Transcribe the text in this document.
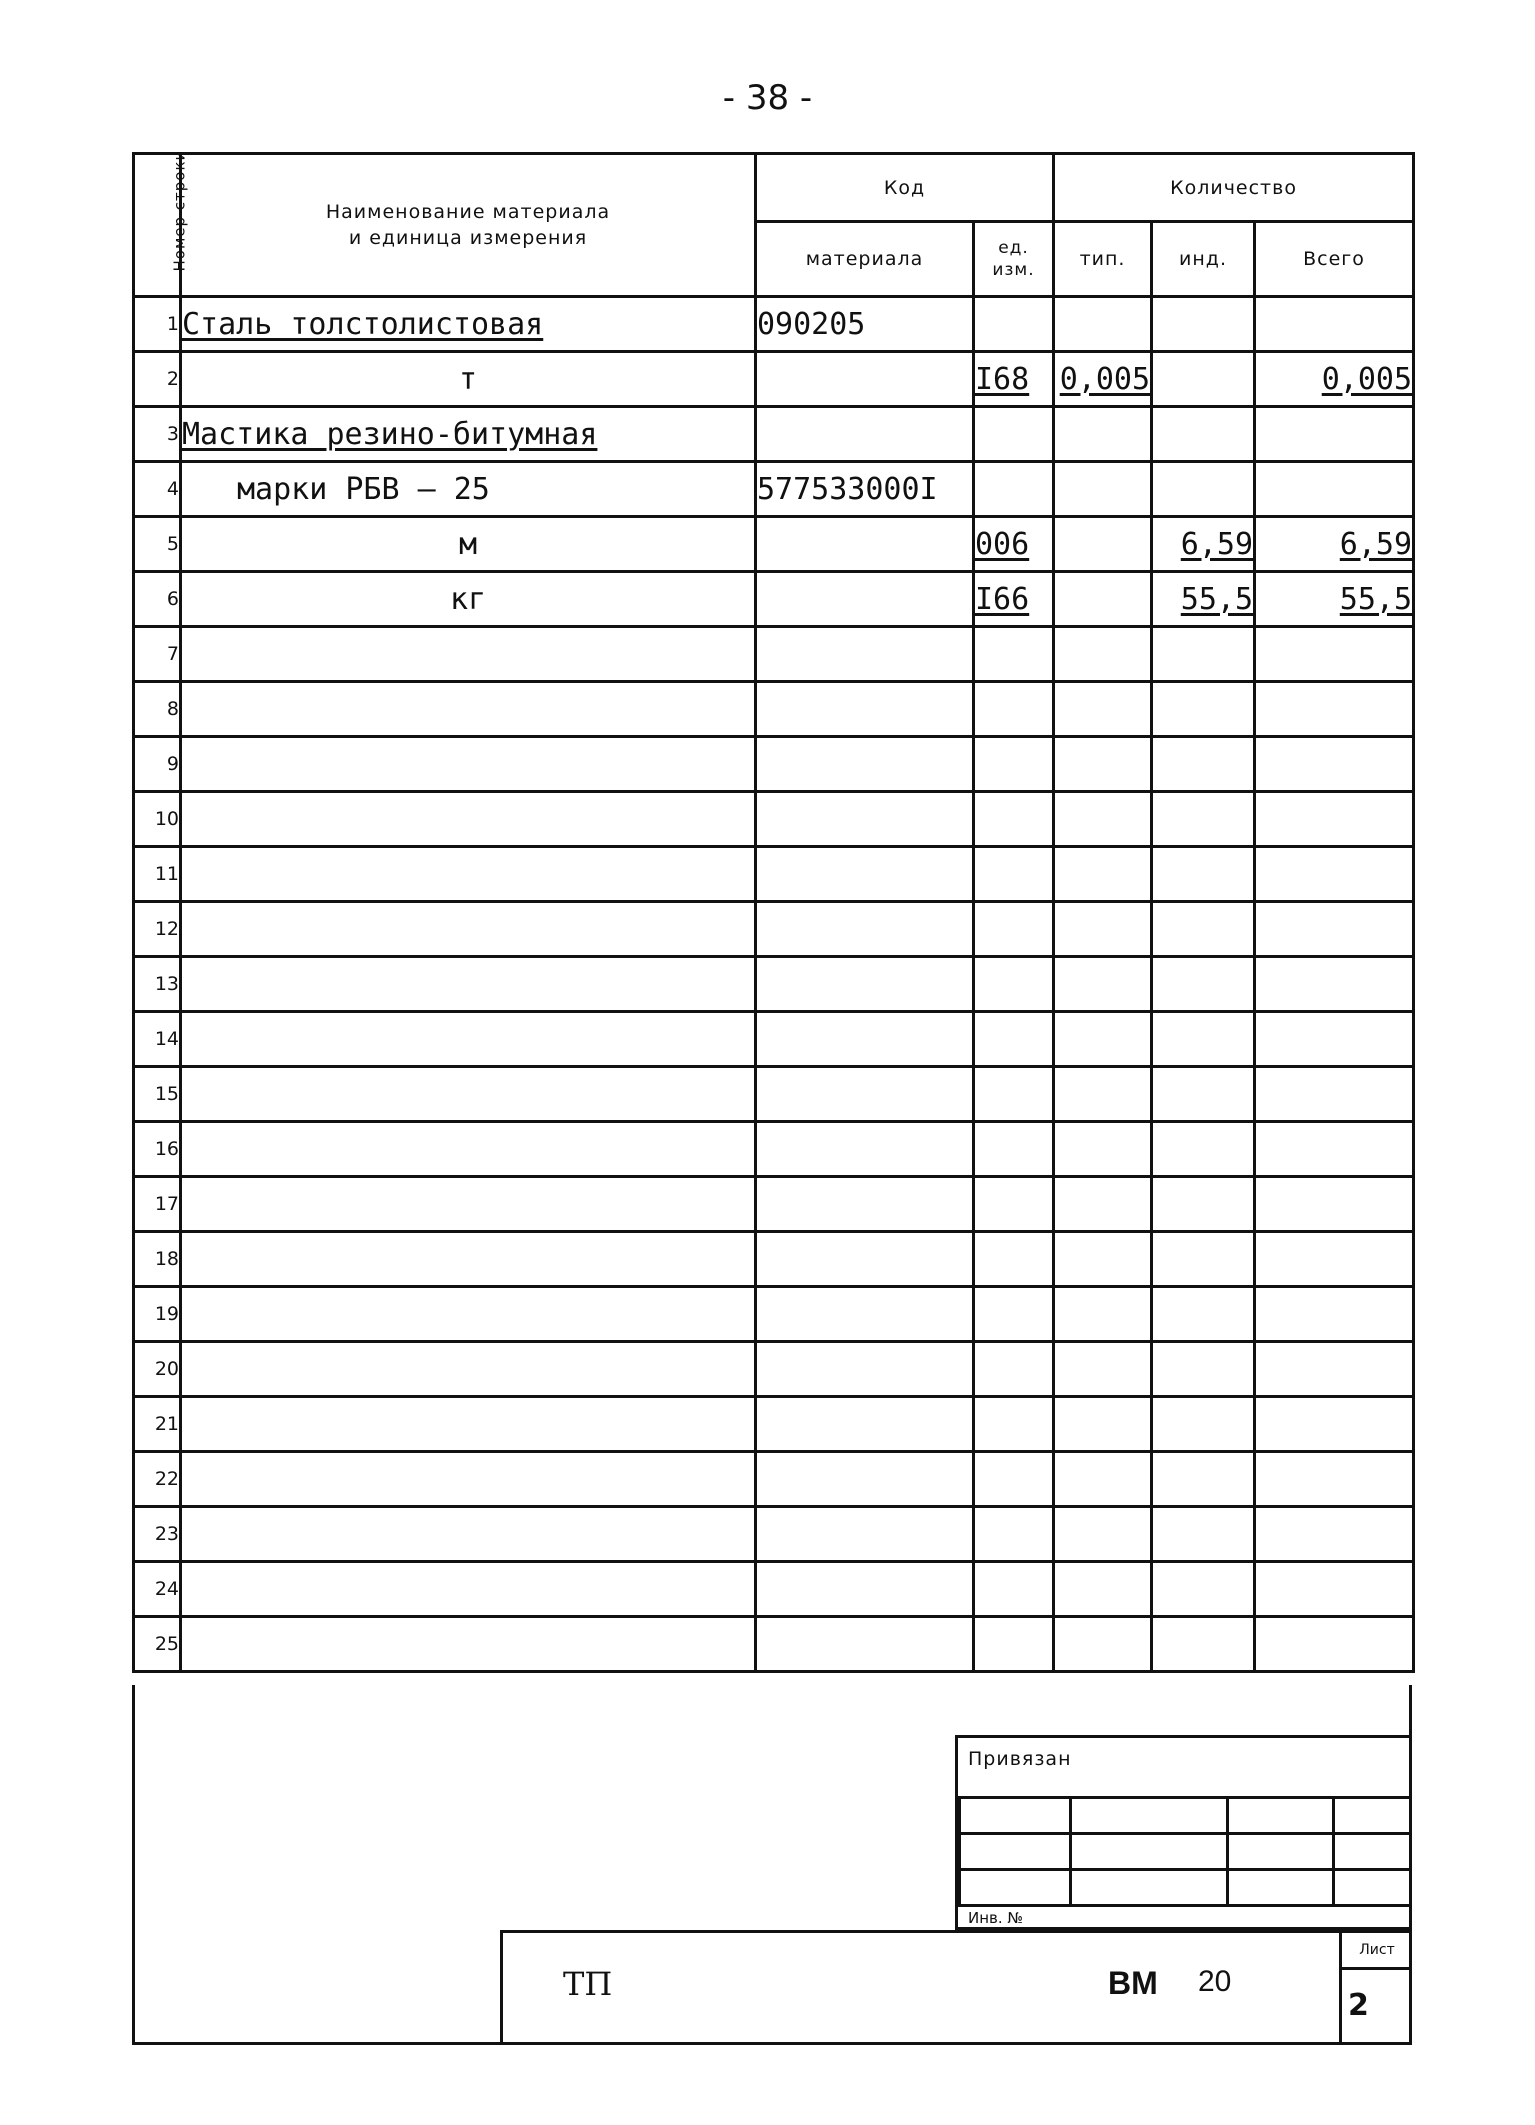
- 38 -
Номер строки	Наименование материала и единица измерения	Код		Количество		
		материала	ед. изм.	тип.	инд.	Всего
1	Сталь толстолистовая	090205				
2	т		I68	0,005		0,005
3	Мастика резино-битумная					
4	марки РБВ – 25	577533000I				
5	м		006		6,59	6,59
6	кг		I66		55,5	55,5
7						
8						
9						
10						
11						
12						
13						
14						
15						
16						
17						
18						
19						
20						
21						
22						
23						
24						
25						
Привязан

Инв. №
ТП	ВМ 20
Лист
2
